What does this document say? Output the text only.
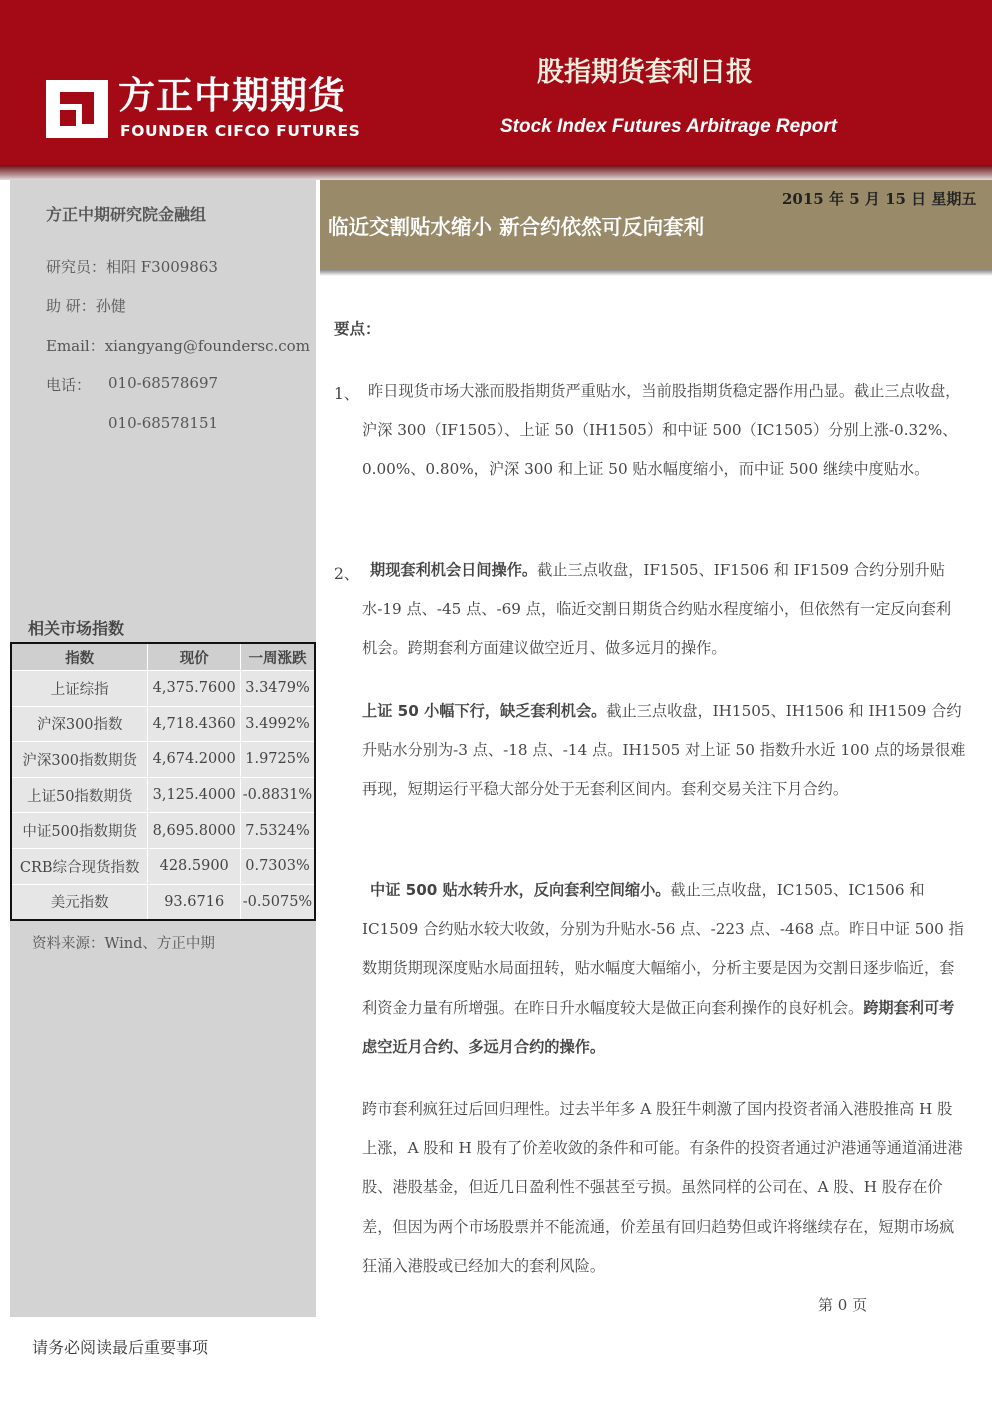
方正中期期货
FOUNDER CIFCO FUTURES
股指期货套利日报
Stock Index Futures Arbitrage Report
方正中期研究院金融组
研究员：相阳 F3009863
助 研：孙健
Email：xiangyang@foundersc.com
电话： 010-68578697
010-68578151
相关市场指数
指数	现价	一周涨跌
上证综指	4,375.7600	3.3479%
沪深300指数	4,718.4360	3.4992%
沪深300指数期货	4,674.2000	1.9725%
上证50指数期货	3,125.4000	-0.8831%
中证500指数期货	8,695.8000	7.5324%
CRB综合现货指数	428.5900	0.7303%
美元指数	93.6716	-0.5075%
资料来源：Wind、方正中期
2015 年 5 月 15 日 星期五
临近交割贴水缩小 新合约依然可反向套利
要点：
1、 昨日现货市场大涨而股指期货严重贴水，当前股指期货稳定器作用凸显。截止三点收盘，沪深 300（IF1505）、上证 50（IH1505）和中证 500（IC1505）分别上涨-0.32%、0.00%、0.80%，沪深 300 和上证 50 贴水幅度缩小，而中证 500 继续中度贴水。

2、 期现套利机会日间操作。截止三点收盘，IF1505、IF1506 和 IF1509 合约分别升贴水-19 点、-45 点、-69 点，临近交割日期货合约贴水程度缩小，但依然有一定反向套利机会。跨期套利方面建议做空近月、做多远月的操作。

上证 50 小幅下行，缺乏套利机会。截止三点收盘，IH1505、IH1506 和 IH1509 合约升贴水分别为-3 点、-18 点、-14 点。IH1505 对上证 50 指数升水近 100 点的场景很难再现，短期运行平稳大部分处于无套利区间内。套利交易关注下月合约。

中证 500 贴水转升水，反向套利空间缩小。截止三点收盘，IC1505、IC1506 和 IC1509 合约贴水较大收敛，分别为升贴水-56 点、-223 点、-468 点。昨日中证 500 指数期货期现深度贴水局面扭转，贴水幅度大幅缩小，分析主要是因为交割日逐步临近，套利资金力量有所增强。在昨日升水幅度较大是做正向套利操作的良好机会。跨期套利可考虑空近月合约、多远月合约的操作。

跨市套利疯狂过后回归理性。过去半年多 A 股狂牛刺激了国内投资者涌入港股推高 H 股上涨，A 股和 H 股有了价差收敛的条件和可能。有条件的投资者通过沪港通等通道涌进港股、港股基金，但近几日盈利性不强甚至亏损。虽然同样的公司在、A 股、H 股存在价差，但因为两个市场股票并不能流通，价差虽有回归趋势但或许将继续存在，短期市场疯狂涌入港股或已经加大的套利风险。

第 0 页
请务必阅读最后重要事项
